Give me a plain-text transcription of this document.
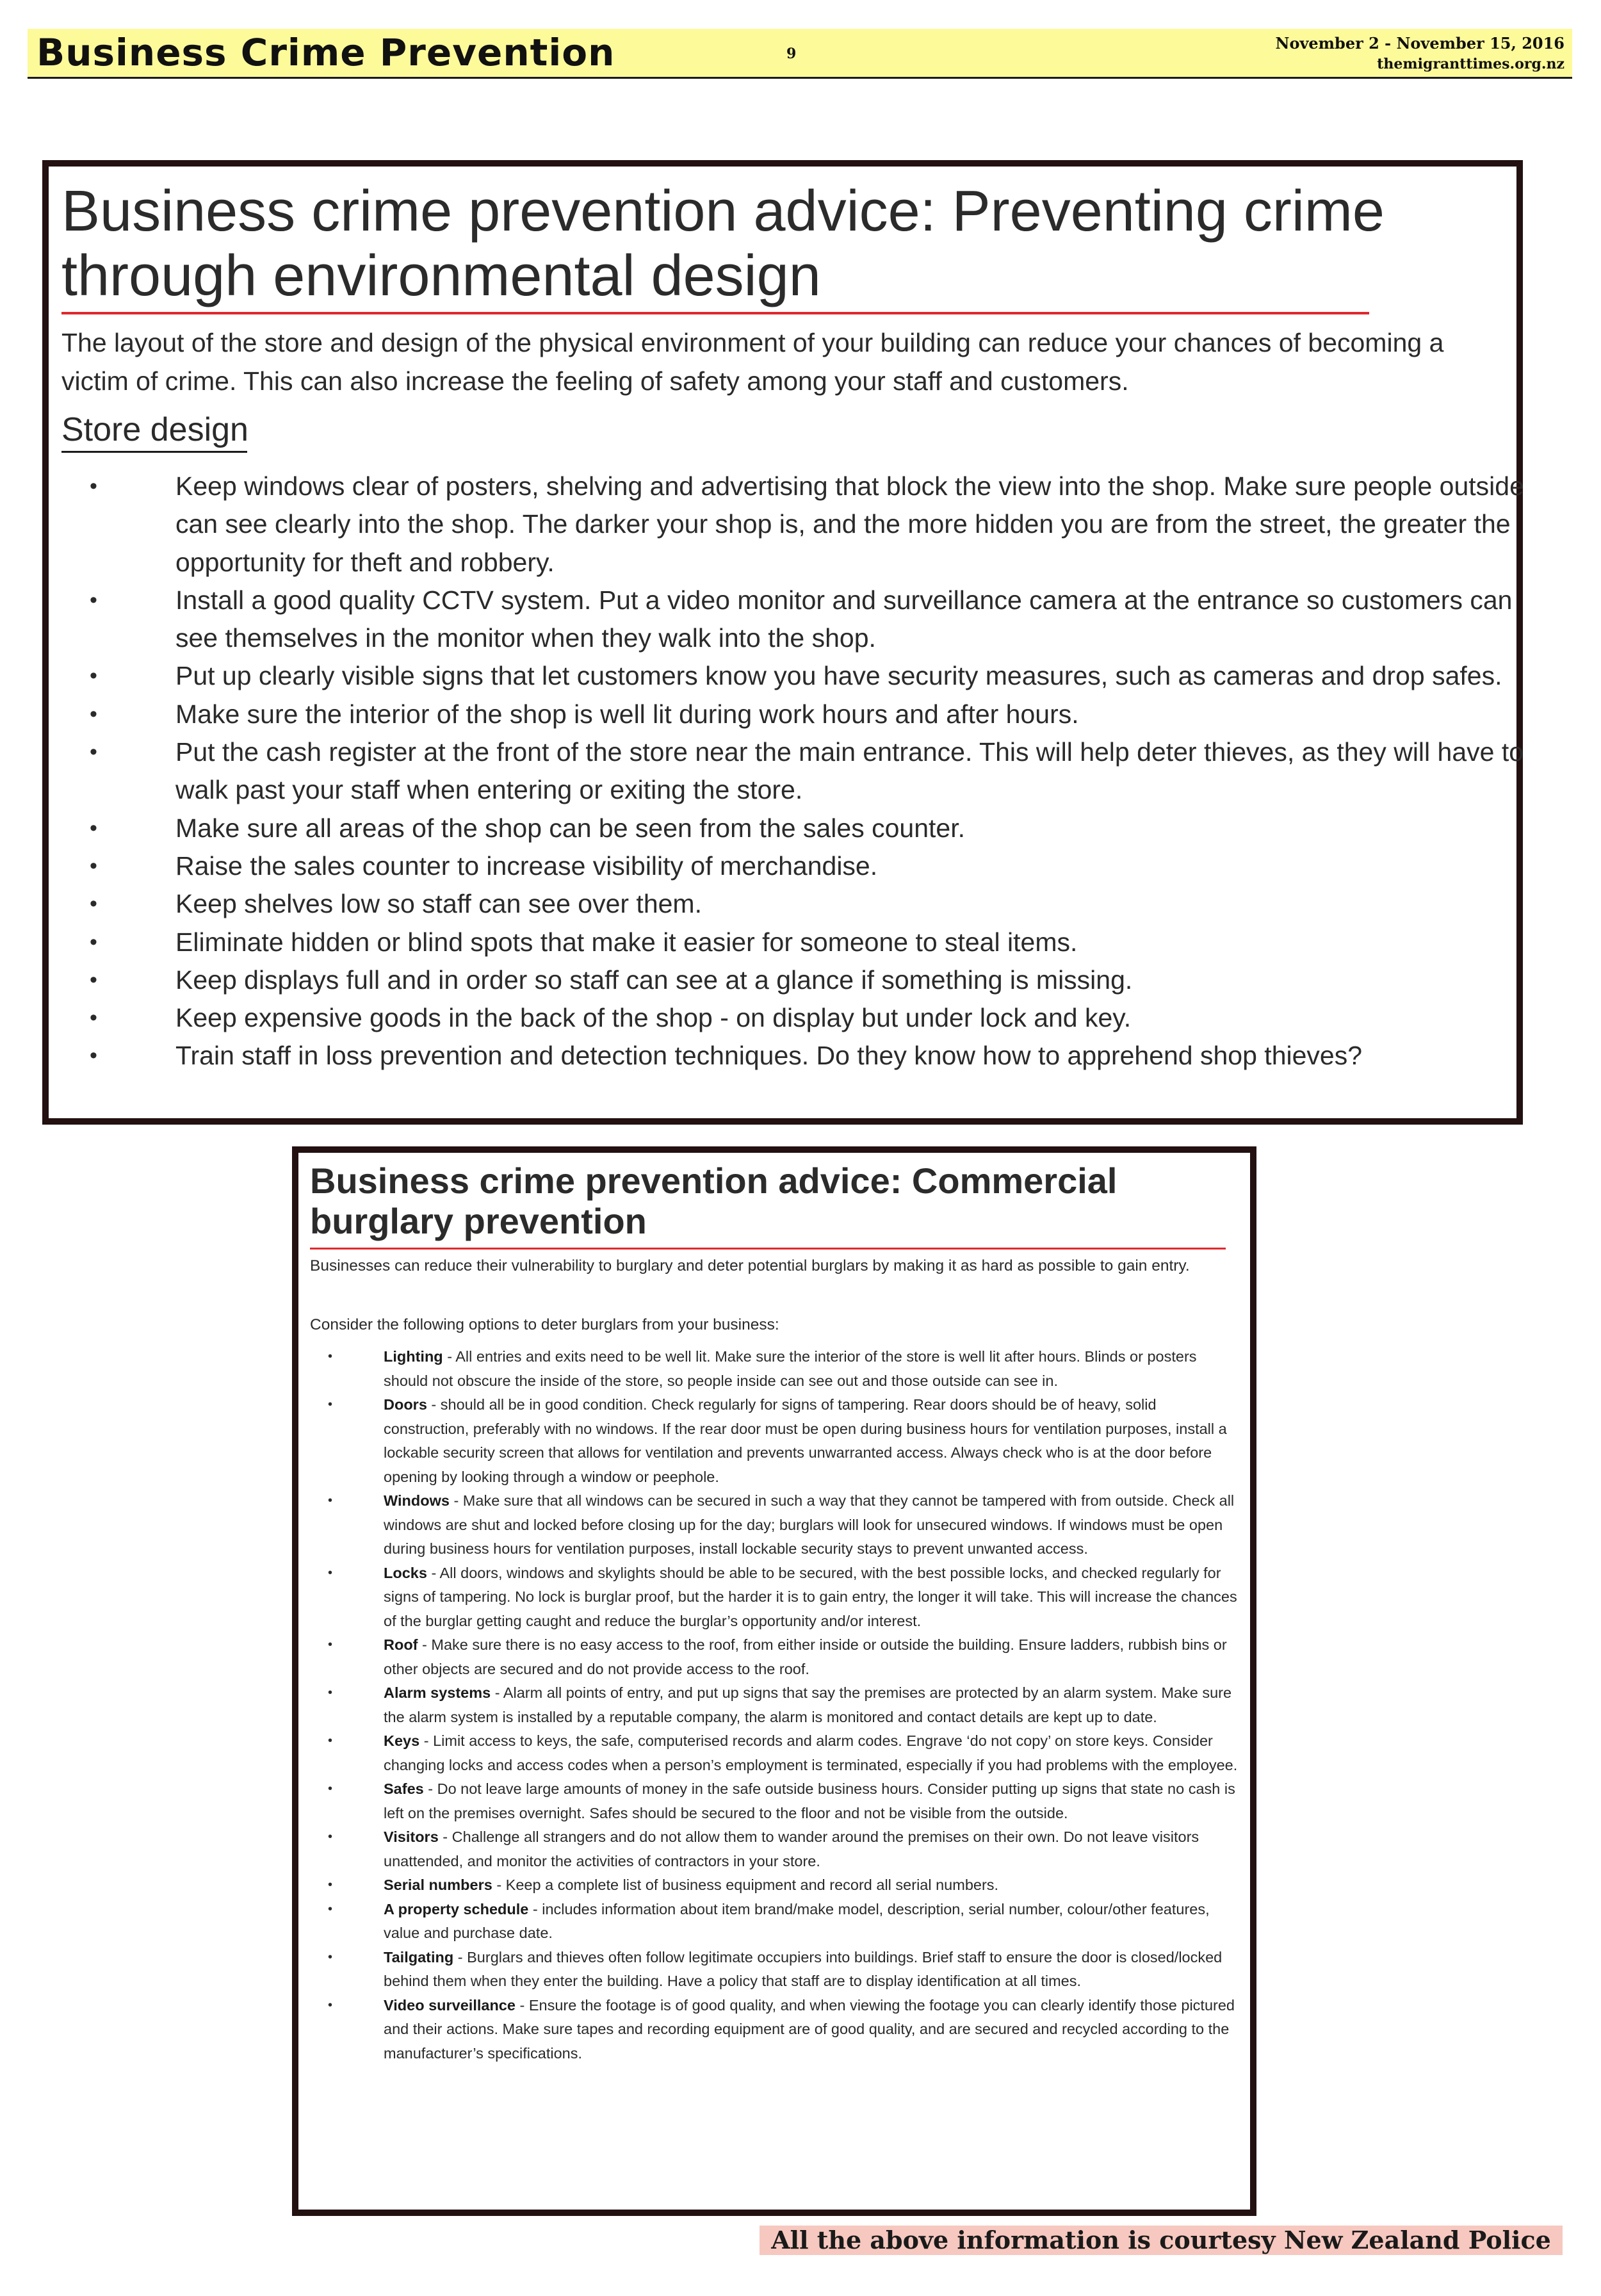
Business Crime Prevention	9
November 2 - November 15, 2016
themigranttimes.org.nz
Business crime prevention advice: Preventing crime through environmental design

The layout of the store and design of the physical environment of your building can reduce your chances of becoming a victim of crime. This can also increase the feeling of safety among your staff and customers.

Store design
•	Keep windows clear of posters, shelving and advertising that block the view into the shop. Make sure people outside can see clearly into the shop. The darker your shop is, and the more hidden you are from the street, the greater the opportunity for theft and robbery.
•	Install a good quality CCTV system. Put a video monitor and surveillance camera at the entrance so customers can see themselves in the monitor when they walk into the shop.
•	Put up clearly visible signs that let customers know you have security measures, such as cameras and drop safes.
•	Make sure the interior of the shop is well lit during work hours and after hours.
•	Put the cash register at the front of the store near the main entrance. This will help deter thieves, as they will have to walk past your staff when entering or exiting the store.
•	Make sure all areas of the shop can be seen from the sales counter.
•	Raise the sales counter to increase visibility of merchandise.
•	Keep shelves low so staff can see over them.
•	Eliminate hidden or blind spots that make it easier for someone to steal items.
•	Keep displays full and in order so staff can see at a glance if something is missing.
•	Keep expensive goods in the back of the shop - on display but under lock and key.
•	Train staff in loss prevention and detection techniques. Do they know how to apprehend shop thieves?
Business crime prevention advice: Commercial burglary prevention

Businesses can reduce their vulnerability to burglary and deter potential burglars by making it as hard as possible to gain entry.

Consider the following options to deter burglars from your business:
•	Lighting - All entries and exits need to be well lit. Make sure the interior of the store is well lit after hours. Blinds or posters should not obscure the inside of the store, so people inside can see out and those outside can see in.
•	Doors - should all be in good condition. Check regularly for signs of tampering. Rear doors should be of heavy, solid construction, preferably with no windows. If the rear door must be open during business hours for ventilation purposes, install a lockable security screen that allows for ventilation and prevents unwarranted access. Always check who is at the door before opening by looking through a window or peephole.
•	Windows - Make sure that all windows can be secured in such a way that they cannot be tampered with from outside. Check all windows are shut and locked before closing up for the day; burglars will look for unsecured windows. If windows must be open during business hours for ventilation purposes, install lockable security stays to prevent unwanted access.
•	Locks - All doors, windows and skylights should be able to be secured, with the best possible locks, and checked regularly for signs of tampering. No lock is burglar proof, but the harder it is to gain entry, the longer it will take. This will increase the chances of the burglar getting caught and reduce the burglar’s opportunity and/or interest.
•	Roof - Make sure there is no easy access to the roof, from either inside or outside the building. Ensure ladders, rubbish bins or other objects are secured and do not provide access to the roof.
•	Alarm systems - Alarm all points of entry, and put up signs that say the premises are protected by an alarm system. Make sure the alarm system is installed by a reputable company, the alarm is monitored and contact details are kept up to date.
•	Keys - Limit access to keys, the safe, computerised records and alarm codes. Engrave ‘do not copy’ on store keys. Consider changing locks and access codes when a person’s employment is terminated, especially if you had problems with the employee.
•	Safes - Do not leave large amounts of money in the safe outside business hours. Consider putting up signs that state no cash is left on the premises overnight. Safes should be secured to the floor and not be visible from the outside.
•	Visitors - Challenge all strangers and do not allow them to wander around the premises on their own. Do not leave visitors unattended, and monitor the activities of contractors in your store.
•	Serial numbers - Keep a complete list of business equipment and record all serial numbers.
•	A property schedule - includes information about item brand/make model, description, serial number, colour/other features, value and purchase date.
•	Tailgating - Burglars and thieves often follow legitimate occupiers into buildings. Brief staff to ensure the door is closed/locked behind them when they enter the building. Have a policy that staff are to display identification at all times.
•	Video surveillance - Ensure the footage is of good quality, and when viewing the footage you can clearly identify those pictured and their actions. Make sure tapes and recording equipment are of good quality, and are secured and recycled according to the manufacturer’s specifications.
All the above information is courtesy New Zealand Police
